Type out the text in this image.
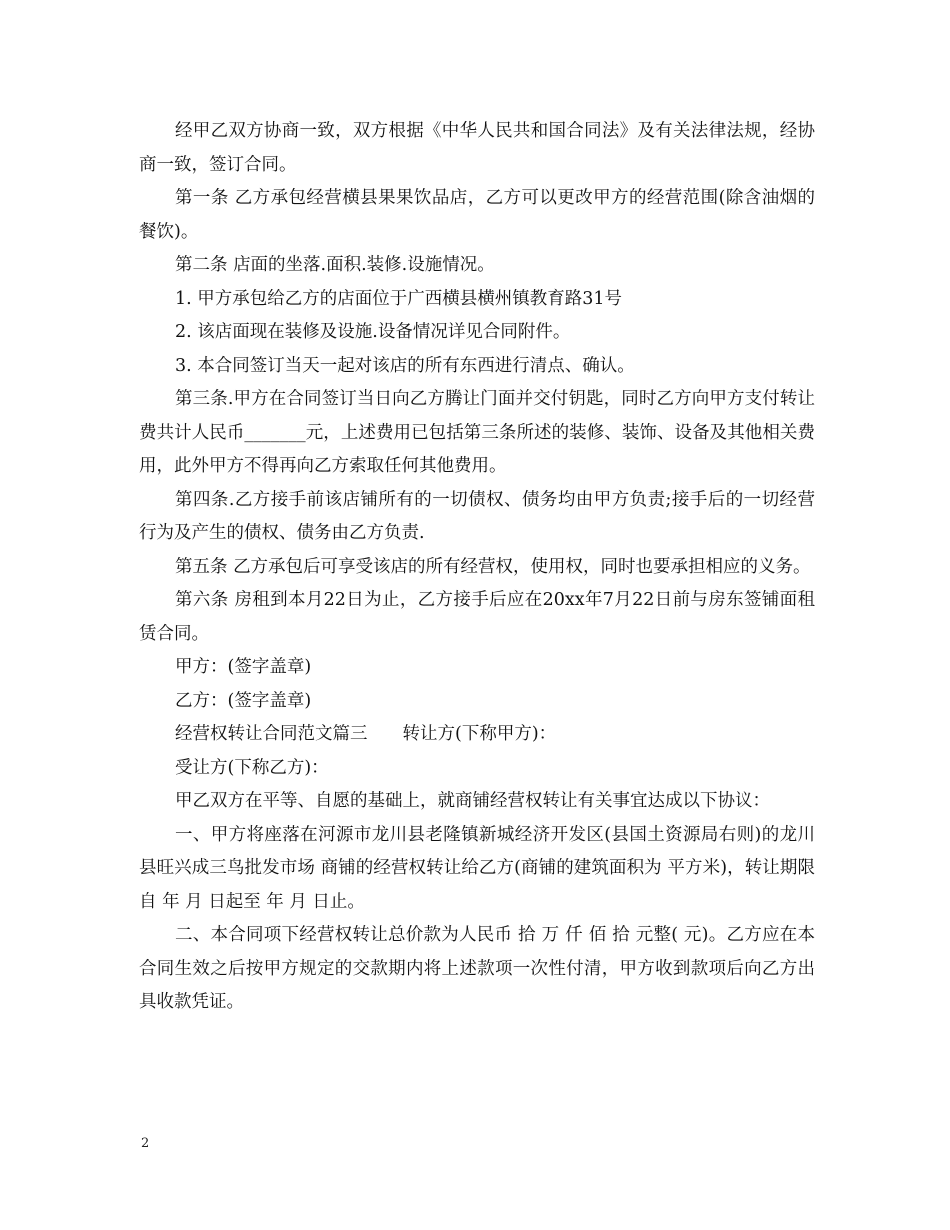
经甲乙双方协商一致，双方根据《中华人民共和国合同法》及有关法律法规，经协商一致，签订合同。

第一条 乙方承包经营横县果果饮品店，乙方可以更改甲方的经营范围(除含油烟的餐饮)。

第二条 店面的坐落.面积.装修.设施情况。

1. 甲方承包给乙方的店面位于广西横县横州镇教育路31号

2. 该店面现在装修及设施.设备情况详见合同附件。

3. 本合同签订当天一起对该店的所有东西进行清点、确认。

第三条.甲方在合同签订当日向乙方腾让门面并交付钥匙，同时乙方向甲方支付转让费共计人民币_______元，上述费用已包括第三条所述的装修、装饰、设备及其他相关费用，此外甲方不得再向乙方索取任何其他费用。

第四条.乙方接手前该店铺所有的一切债权、债务均由甲方负责;接手后的一切经营行为及产生的债权、债务由乙方负责.

第五条 乙方承包后可享受该店的所有经营权，使用权，同时也要承担相应的义务。

第六条 房租到本月22日为止，乙方接手后应在20xx年7月22日前与房东签铺面租赁合同。

甲方：(签字盖章)

乙方：(签字盖章)

经营权转让合同范文篇三　　转让方(下称甲方)：

受让方(下称乙方)：

甲乙双方在平等、自愿的基础上，就商铺经营权转让有关事宜达成以下协议：

一、甲方将座落在河源市龙川县老隆镇新城经济开发区(县国土资源局右则)的龙川县旺兴成三鸟批发市场 商铺的经营权转让给乙方(商铺的建筑面积为 平方米)，转让期限自 年 月 日起至 年 月 日止。

二、本合同项下经营权转让总价款为人民币 拾 万 仟 佰 拾 元整( 元)。乙方应在本合同生效之后按甲方规定的交款期内将上述款项一次性付清，甲方收到款项后向乙方出具收款凭证。

2
